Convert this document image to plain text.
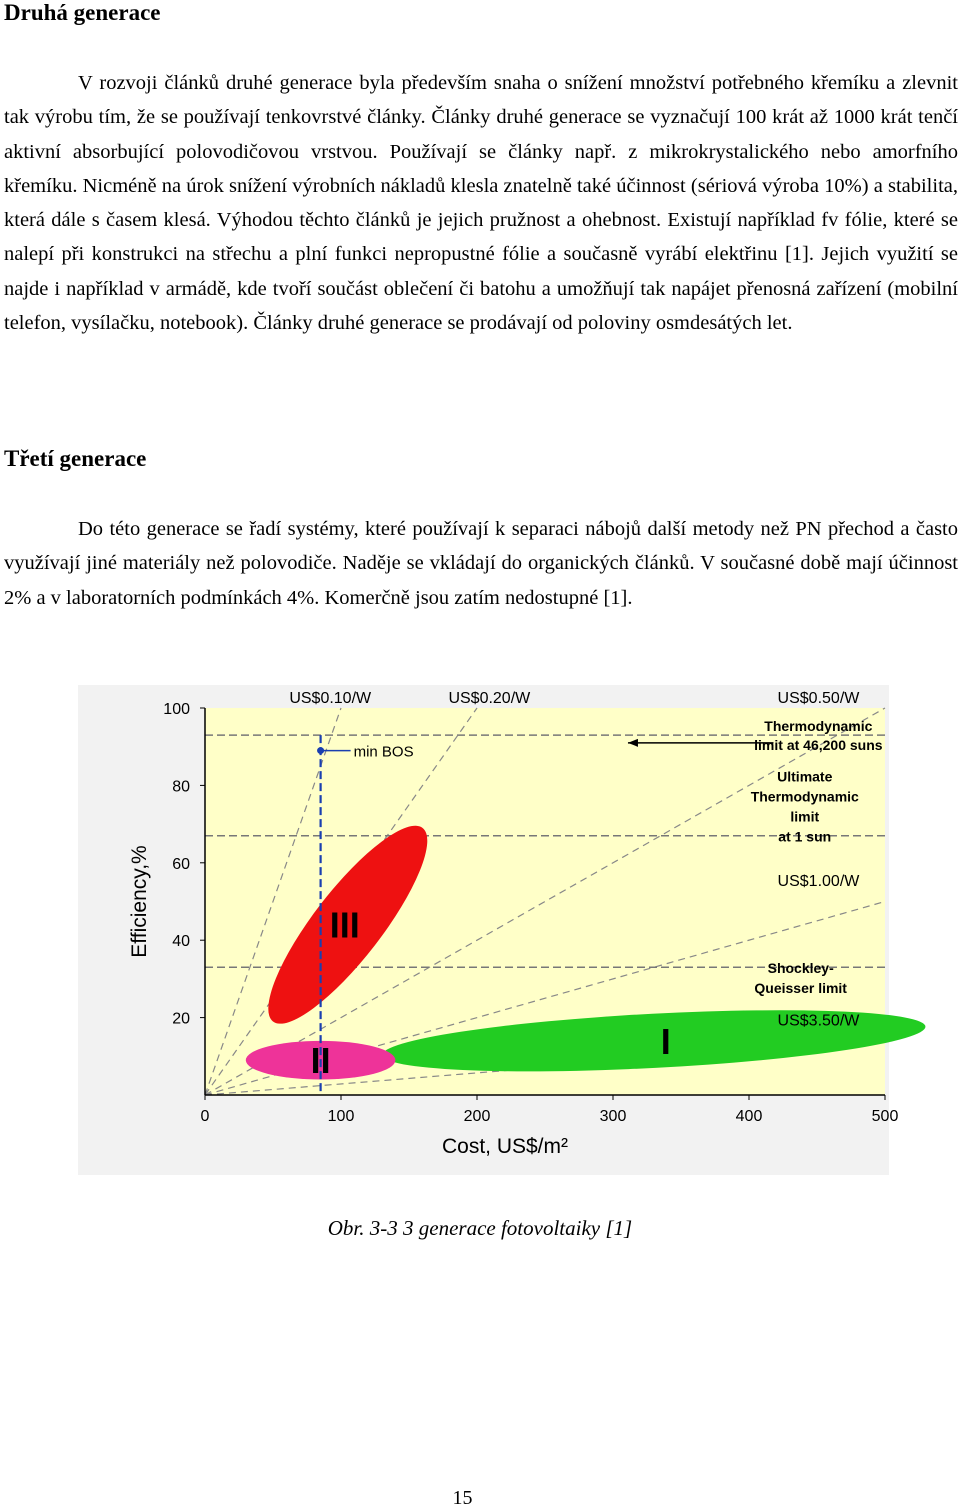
Druhá generace

V rozvoji článků druhé generace byla především snaha o snížení množství potřebného křemíku a zlevnit tak výrobu tím, že se používají tenkovrstvé články. Články druhé generace se vyznačují 100 krát až 1000 krát tenčí aktivní absorbující polovodičovou vrstvou. Používají se články např. z mikrokrystalického nebo amorfního křemíku. Nicméně na úrok snížení výrobních nákladů klesla znatelně také účinnost (sériová výroba 10%) a stabilita, která dále s časem klesá. Výhodou těchto článků je jejich pružnost a ohebnost. Existují například fv fólie, které se nalepí při konstrukci na střechu a plní funkci nepropustné fólie a současně vyrábí elektřinu [1]. Jejich využití se najde i například v armádě, kde tvoří součást oblečení či batohu a umožňují tak napájet přenosná zařízení (mobilní telefon, vysílačku, notebook). Články druhé generace se prodávají od poloviny osmdesátých let.

Třetí generace

Do této generace se řadí systémy, které používají k separaci nábojů další metody než PN přechod a často využívají jiné materiály než polovodiče. Naděje se vkládají do organických článků. V současné době mají účinnost 2% a v laboratorních podmínkách 4%. Komerčně jsou zatím nedostupné [1].

I
II
III
min BOS
0	100	200	300	400	500
20
40
60
80
100
Cost, US$/m²
Efficiency,%
US$0.10/W	US$0.20/W	US$0.50/W
US$1.00/W
US$3.50/W
Thermodynamic
limit at 46,200 suns
Ultimate
Thermodynamic
limit
at 1 sun
Shockley-
Queisser limit

Obr. 3-3 3 generace fotovoltaiky [1]

15
